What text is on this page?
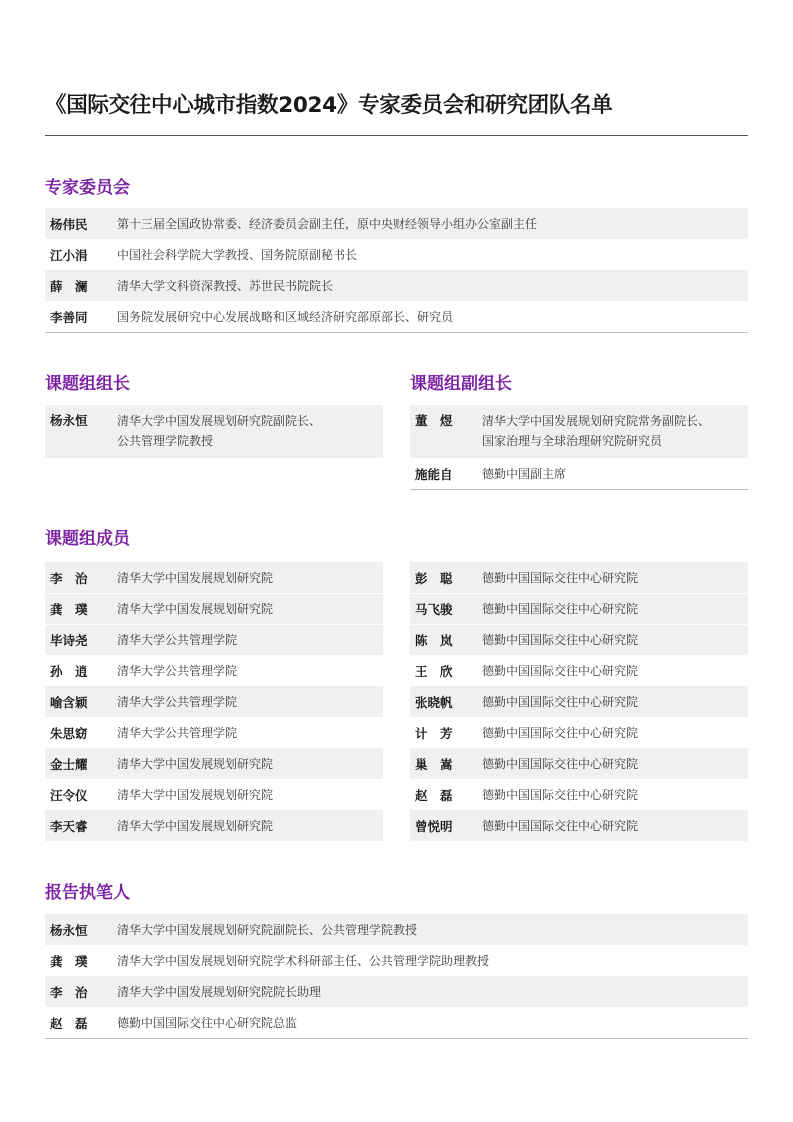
《国际交往中心城市指数2024》专家委员会和研究团队名单
专家委员会
杨伟民	第十三届全国政协常委、经济委员会副主任，原中央财经领导小组办公室副主任
江小涓	中国社会科学院大学教授、国务院原副秘书长
薛　澜	清华大学文科资深教授、苏世民书院院长
李善同	国务院发展研究中心发展战略和区域经济研究部原部长、研究员
课题组组长
杨永恒	清华大学中国发展规划研究院副院长、
公共管理学院教授
课题组副组长
董　煜	清华大学中国发展规划研究院常务副院长、
国家治理与全球治理研究院研究员
施能自	德勤中国副主席
课题组成员
李　治	清华大学中国发展规划研究院
龚　璞	清华大学中国发展规划研究院
毕诗尧	清华大学公共管理学院
孙　逍	清华大学公共管理学院
喻含颖	清华大学公共管理学院
朱思窈	清华大学公共管理学院
金士耀	清华大学中国发展规划研究院
汪令仪	清华大学中国发展规划研究院
李天睿	清华大学中国发展规划研究院
彭　聪	德勤中国国际交往中心研究院
马飞骏	德勤中国国际交往中心研究院
陈　岚	德勤中国国际交往中心研究院
王　欣	德勤中国国际交往中心研究院
张晓帆	德勤中国国际交往中心研究院
计　芳	德勤中国国际交往中心研究院
巢　嵩	德勤中国国际交往中心研究院
赵　磊	德勤中国国际交往中心研究院
曾悦明	德勤中国国际交往中心研究院
报告执笔人
杨永恒	清华大学中国发展规划研究院副院长、公共管理学院教授
龚　璞	清华大学中国发展规划研究院学术科研部主任、公共管理学院助理教授
李　治	清华大学中国发展规划研究院院长助理
赵　磊	德勤中国国际交往中心研究院总监
